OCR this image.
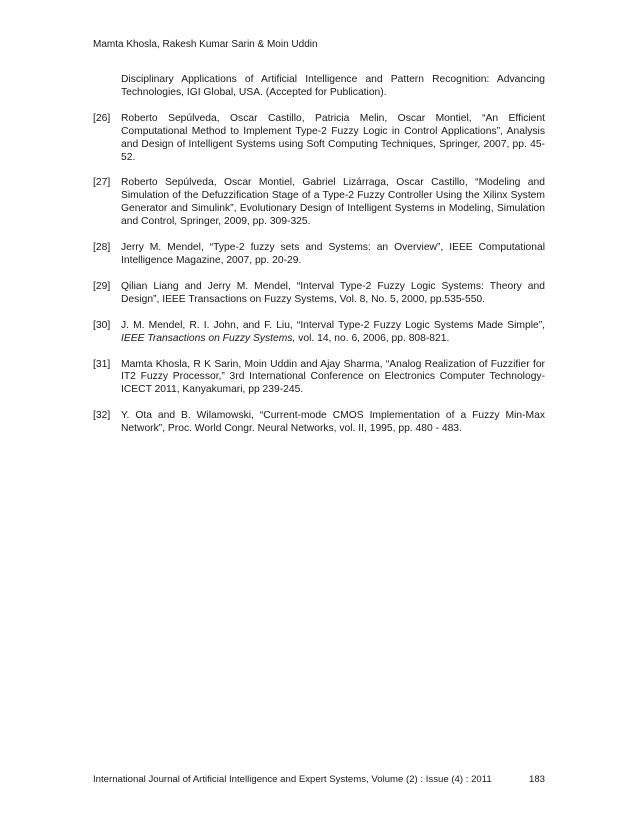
Mamta Khosla, Rakesh Kumar Sarin & Moin Uddin
Disciplinary Applications of Artificial Intelligence and Pattern Recognition: Advancing Technologies, IGI Global, USA. (Accepted for Publication).
[26] Roberto Sepúlveda, Oscar Castillo, Patricia Melin, Oscar Montiel, “An Efficient Computational Method to Implement Type-2 Fuzzy Logic in Control Applications”, Analysis and Design of Intelligent Systems using Soft Computing Techniques, Springer, 2007, pp. 45-52.
[27] Roberto Sepúlveda, Oscar Montiel, Gabriel Lizárraga, Oscar Castillo, “Modeling and Simulation of the Defuzzification Stage of a Type-2 Fuzzy Controller Using the Xilinx System Generator and Simulink”, Evolutionary Design of Intelligent Systems in Modeling, Simulation and Control, Springer, 2009, pp. 309-325.
[28] Jerry M. Mendel, “Type-2 fuzzy sets and Systems: an Overview”, IEEE Computational Intelligence Magazine, 2007, pp. 20-29.
[29] Qilian Liang and Jerry M. Mendel, “Interval Type-2 Fuzzy Logic Systems: Theory and Design”, IEEE Transactions on Fuzzy Systems, Vol. 8, No. 5, 2000, pp.535-550.
[30] J. M. Mendel, R. I. John, and F. Liu, “Interval Type-2 Fuzzy Logic Systems Made Simple”, IEEE Transactions on Fuzzy Systems, vol. 14, no. 6, 2006, pp. 808-821.
[31] Mamta Khosla, R K Sarin, Moin Uddin and Ajay Sharma, “Analog Realization of Fuzzifier for IT2 Fuzzy Processor,” 3rd International Conference on Electronics Computer Technology-ICECT 2011, Kanyakumari, pp 239-245.
[32] Y. Ota and B. Wilamowski, “Current-mode CMOS Implementation of a Fuzzy Min-Max Network”, Proc. World Congr. Neural Networks, vol. II, 1995, pp. 480 - 483.
International Journal of Artificial Intelligence and Expert Systems, Volume (2) : Issue (4) : 2011	183
